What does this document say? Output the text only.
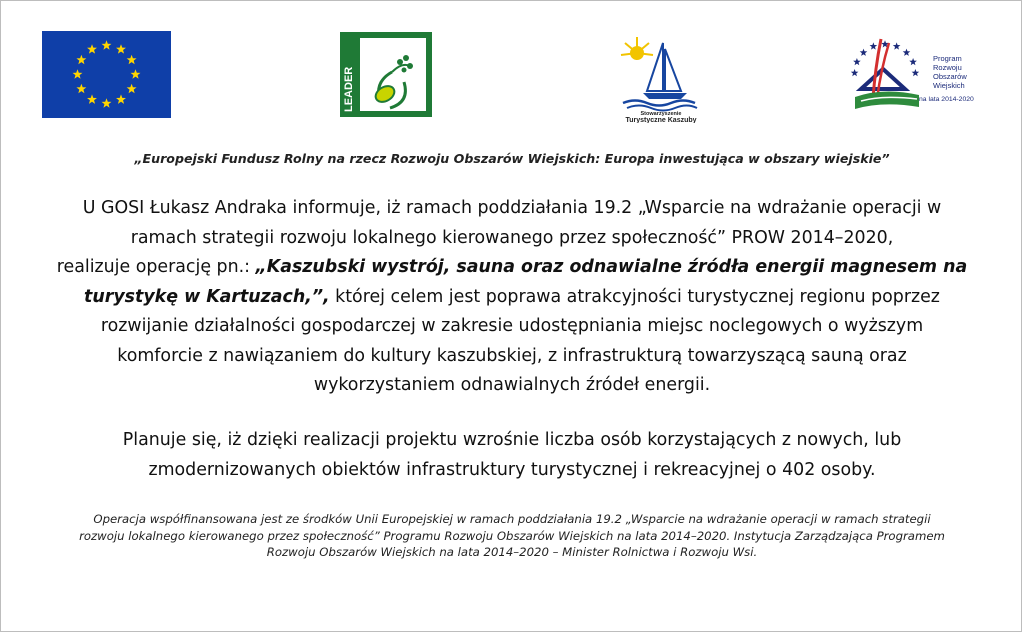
LEADER
Stowarzyszenie
Turystyczne Kaszuby
Program
Rozwoju
Obszarów
Wiejskich
na lata 2014-2020
„Europejski Fundusz Rolny na rzecz Rozwoju Obszarów Wiejskich: Europa inwestująca w obszary wiejskie”
U GOSI Łukasz Andraka informuje, iż ramach poddziałania 19.2 „Wsparcie na wdrażanie operacji w
ramach strategii rozwoju lokalnego kierowanego przez społeczność” PROW 2014–2020,
realizuje operację pn.: „Kaszubski wystrój, sauna oraz odnawialne źródła energii magnesem na
turystykę w Kartuzach,”, której celem jest poprawa atrakcyjności turystycznej regionu poprzez
rozwijanie działalności gospodarczej w zakresie udostępniania miejsc noclegowych o wyższym
komforcie z nawiązaniem do kultury kaszubskiej, z infrastrukturą towarzyszącą sauną oraz
wykorzystaniem odnawialnych źródeł energii.
Planuje się, iż dzięki realizacji projektu wzrośnie liczba osób korzystających z nowych, lub
zmodernizowanych obiektów infrastruktury turystycznej i rekreacyjnej o 402 osoby.
Operacja współfinansowana jest ze środków Unii Europejskiej w ramach poddziałania 19.2 „Wsparcie na wdrażanie operacji w ramach strategii
rozwoju lokalnego kierowanego przez społeczność” Programu Rozwoju Obszarów Wiejskich na lata 2014–2020. Instytucja Zarządzająca Programem
Rozwoju Obszarów Wiejskich na lata 2014–2020 – Minister Rolnictwa i Rozwoju Wsi.
